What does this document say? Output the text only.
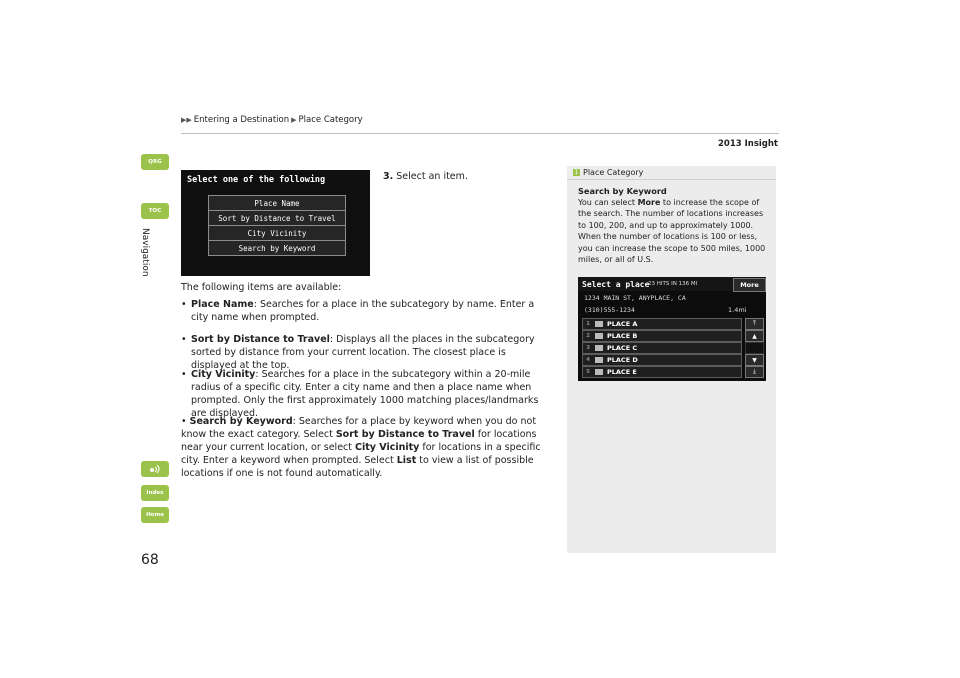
▶▶ Entering a Destination ▶ Place Category
2013 Insight
QRG
TOC
Navigation
Index
Home
Select one of the following
Place Name
Sort by Distance to Travel
City Vicinity
Search by Keyword
3. Select an item.
The following items are available:
• Place Name: Searches for a place in the subcategory by name. Enter a city name when prompted.
• Sort by Distance to Travel: Displays all the places in the subcategory sorted by distance from your current location. The closest place is displayed at the top.
• City Vicinity: Searches for a place in the subcategory within a 20-mile radius of a specific city. Enter a city name and then a place name when prompted. Only the first approximately 1000 matching places/landmarks are displayed.
• Search by Keyword: Searches for a place by keyword when you do not know the exact category. Select Sort by Distance to Travel for locations near your current location, or select City Vicinity for locations in a specific city. Enter a keyword when prompted. Select List to view a list of possible locations if one is not found automatically.
1 Place Category
Search by Keyword
You can select More to increase the scope of the search. The number of locations increases to 100, 200, and up to approximately 1000. When the number of locations is 100 or less, you can increase the scope to 500 miles, 1000 miles, or all of U.S.
Select a place
23 HITS IN 136 MI	More
1234 MAIN ST, ANYPLACE, CA
(310)555-1234	1.4mi
1	PLACE A
2	PLACE B
3	PLACE C
4	PLACE D
5	PLACE E
⤒
▲
▼
⤓
68
